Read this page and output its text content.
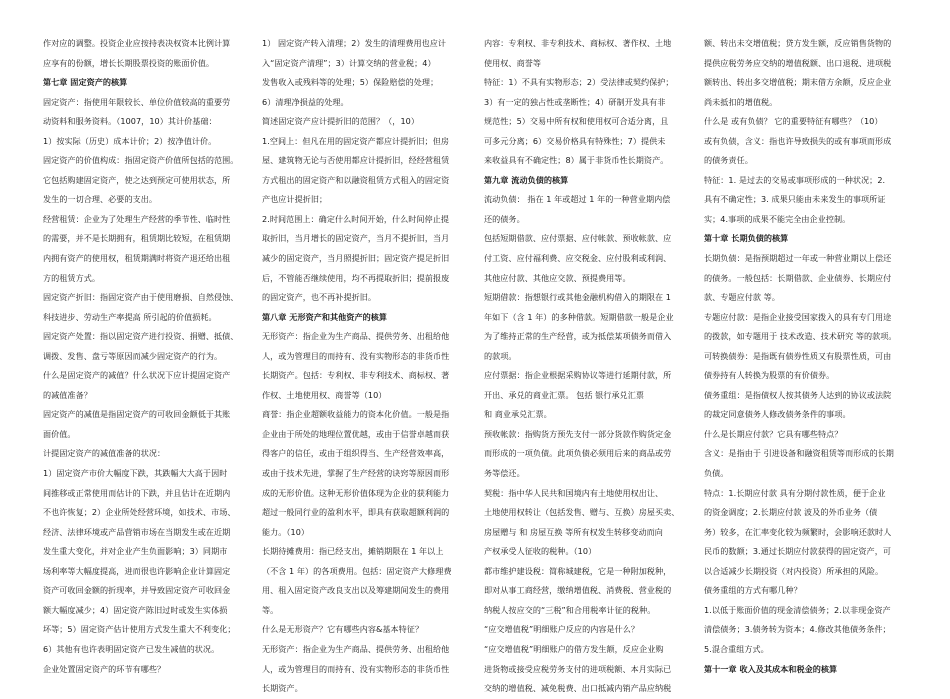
作对应的调整。投资企业应按持表决权资本比例计算

应享有的份额，增长长期股票投资的账面价值。

第七章 固定资产的核算

固定资产：指使用年限较长、单位价值较高的重要劳

动资料和服务资料。（1007，10）其计价基础：

1）按实际（历史）成本计价；2）按净值计价。

固定资产的价值构成：指固定资产价值所包括的范围。

它包括购建固定资产，使之达到预定可使用状态，所

发生的一切合理、必要的支出。

经营租赁：企业为了处理生产经营的季节性、临时性

的需要，并不是长期拥有，租赁期比较短，在租赁期

内拥有资产的使用权，租赁期满时将资产退还给出租

方的租赁方式。

固定资产折旧：指固定资产由于使用磨损、自然侵蚀、

科技进步、劳动生产率提高 所引起的价值损耗。

固定资产处置：指以固定资产进行投资、捐赠、抵债、

调拨、发售、盘亏等原因而减少固定资产的行为。

什么是固定资产的减值？什么状况下应计提固定资产

的减值准备？

固定资产的减值是指固定资产的可收回金额低于其账

面价值。

计提固定资产的减值准备的状况：

1）固定资产市价大幅度下跌，其跌幅大大高于因时

间推移或正常使用而估计的下跌，并且估计在近期内

不也许恢复；2）企业所处经营环境，如技术、市场、

经济、法律环境或产品营销市场在当期发生或在近期

发生重大变化，并对企业产生负面影响；3）同期市

场利率等大幅度提高，进而很也许影响企业计算固定

资产可收回金额的折现率，并导致固定资产可收回金

额大幅度减少；4）固定资产陈旧过时或发生实体损

坏等；5）固定资产估计使用方式发生重大不利变化；

6）其他有也许表明固定资产已发生减值的状况。

企业处置固定资产的环节有哪些？

1） 固定资产转入清理；2）发生的清理费用也应计

入“固定资产清理”；3）计算交纳的营业税；4）

发售收入或残料等的处理；5）保险赔偿的处理；

6）清理净损益的处理。

简述固定资产应计提折旧的范围？（，10）

1.空间上：但凡在用的固定资产都应计提折旧；但房

屋、建筑物无论与否使用都应计提折旧，经经营租赁

方式租出的固定资产和以融资租赁方式租入的固定资

产也应计提折旧；

2.时间范围上：确定什么时间开始，什么时间停止提

取折旧，当月增长的固定资产，当月不提折旧，当月

减少的固定资产，当月照提折旧；固定资产提足折旧

后，不管能否继续使用，均不再提取折旧；提前报废

的固定资产，也不再补提折旧。

第八章 无形资产和其他资产的核算

无形资产：指企业为生产商品、提供劳务、出租给他

人，或为管理目的而持有、没有实物形态的非货币性

长期资产。包括：专利权、非专利技术、商标权、著

作权、土地使用权、商誉等（10）

商誉：指企业超额收益能力的资本化价值。一般是指

企业由于所处的地理位置优越，或由于信誉卓越而获

得客户的信任，或由于组织得当、生产经营效率高，

或由于技术先进，掌握了生产经营的诀窍等原因而形

成的无形价值。这种无形价值体现为企业的获利能力

超过一般同行业的盈利水平，即具有获取超额利润的

能力。（10）

长期待摊费用：指已经支出，摊销期限在 1 年以上

（不含 1 年）的各项费用。包括：固定资产大修理费

用、租入固定资产改良支出以及筹建期间发生的费用

等。

什么是无形资产？它有哪些内容&基本特征？

无形资产：指企业为生产商品、提供劳务、出租给他

人，或为管理目的而持有、没有实物形态的非货币性

长期资产。

内容：专利权、非专利技术、商标权、著作权、土地

使用权、商誉等

特征：1）不具有实物形态；2）受法律或契约保护；

3）有一定的独占性或垄断性；4）研制开发具有非

规范性；5）交易中所有权和使用权可合适分离，且

可多元分离；6）交易价格具有特殊性；7）提供未

来收益具有不确定性；8）属于非货币性长期资产。

第九章 流动负债的核算

流动负债： 指在 1 年或超过 1 年的一种营业期内偿

还的债务。

包括短期借款、应付票据、应付帐款、预收帐款、应

付工资、应付福利费、应交税金、应付股利或利润、

其他应付款、其他应交款、预提费用等。

短期借款：指想银行或其他金融机构借入的期限在 1

年如下（含 1 年）的多种借款。短期借款一般是企业

为了维持正常的生产经营，或为抵偿某项债务而借入

的款项。

应付票据：指企业根据采购协议等进行延期付款，所

开出、承兑的商业汇票。 包括 银行承兑汇票

和 商业承兑汇票。

预收帐款：指购货方预先支付一部分货款作购货定金

而形成的一项负债。此项负债必须用后来的商品或劳

务等偿还。

契税：指中华人民共和国境内有土地使用权出让、

土地使用权转让（包括发售、赠与、互换）房屋买卖、

房屋赠与 和 房屋互换 等所有权发生转移变动而向

产权承受人征收的税种。（10）

都市维护建设税：简称城建税，它是一种附加税种，

即对从事工商经营，缴纳增值税、消费税、营业税的

纳税人按应交的“三税”和合用税率计征的税种。

“应交增值税”明细账户反应的内容是什么？

“应交增值税”明细账户的借方发生额，反应企业购

进货物或接受应税劳务支付的进项税额、本月实际已

交纳的增值税、减免税费、出口抵减内销产品应纳税

额、转出未交增值税；贷方发生额，反应销售货物的

提供应税劳务应交纳的增值税额、出口退税、进项税

额转出、转出多交增值税；期末借方余额，反应企业

尚未抵扣的增值税。

什么是 或有负债？ 它的重要特征有哪些？（10）

或有负债，含义：指也许导致损失的或有事项而形成

的债务责任。

特征：1. 是过去的交易或事项形成的一种状况；2.

具有不确定性；3. 成果只能由未来发生的事项所证

实；4.事项的成果不能完全由企业控制。

第十章 长期负债的核算

长期负债：是指预期超过一年或一种营业期以上偿还

的债务。一般包括：长期借款、企业债券、长期应付

款、专题应付款 等。

专题应付款：是指企业接受国家拨入的具有专门用途

的拨款，如专题用于 技术改造、技术研究 等的款项。

可转换债券：是指既有债券性质又有股票性质，可由

债券持有人转换为股票的有价债券。

债务重组：是指债权人按其债务人达到的协议或法院

的裁定同意债务人修改债务条件的事项。

什么是长期应付款？它具有哪些特点？

含义：是指由于 引进设备和融资租赁等而形成的长期

负债。

特点：1.长期应付款 具有分期付款性质，便于企业

的资金调度；2.长期应付款 波及的外币业务（债

务）较多，在汇率变化较为频繁时，会影响还款时人

民币的数额；3.通过长期应付款获得的固定资产，可

以合适减少长期投资（对内投资）所承担的风险。

债务重组的方式有哪几种？

1.以低于账面价值的现金清偿债务；2.以非现金资产

清偿债务；3.债务转为资本；4.修改其他债务条件；

5.混合重组方式。

第十一章 收入及其成本和税金的核算
